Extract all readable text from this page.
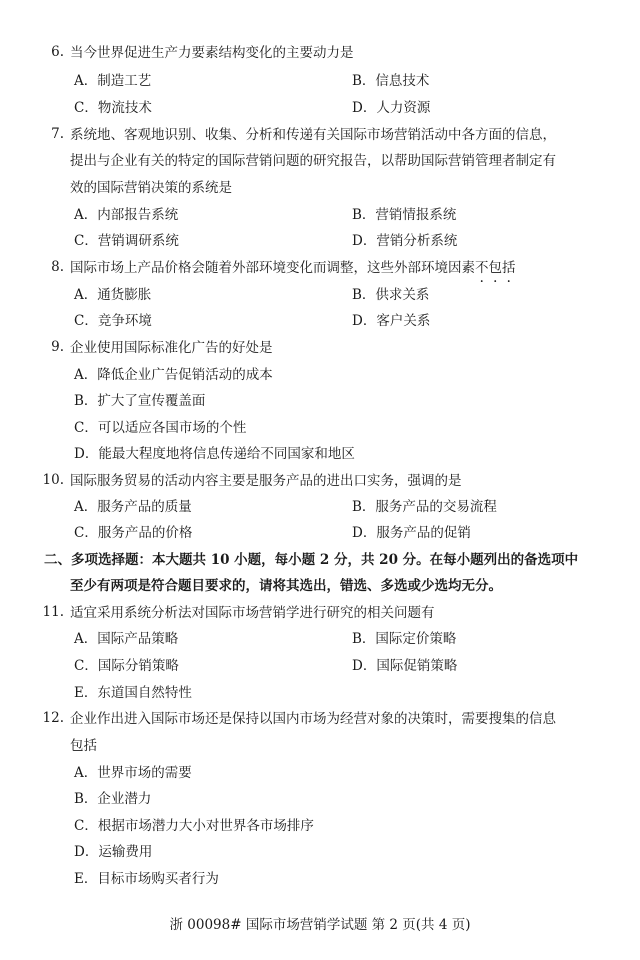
6. 当今世界促进生产力要素结构变化的主要动力是
A．制造工艺	B．信息技术
C．物流技术	D．人力资源
7. 系统地、客观地识别、收集、分析和传递有关国际市场营销活动中各方面的信息，
提出与企业有关的特定的国际营销问题的研究报告，以帮助国际营销管理者制定有
效的国际营销决策的系统是
A．内部报告系统	B．营销情报系统
C．营销调研系统	D．营销分析系统
8. 国际市场上产品价格会随着外部环境变化而调整，这些外部环境因素不包括
A．通货膨胀	B．供求关系
C．竞争环境	D．客户关系
9. 企业使用国际标准化广告的好处是
A．降低企业广告促销活动的成本
B．扩大了宣传覆盖面
C．可以适应各国市场的个性
D．能最大程度地将信息传递给不同国家和地区
10. 国际服务贸易的活动内容主要是服务产品的进出口实务，强调的是
A．服务产品的质量	B．服务产品的交易流程
C．服务产品的价格	D．服务产品的促销
二、多项选择题：本大题共 10 小题，每小题 2 分，共 20 分。在每小题列出的备选项中
至少有两项是符合题目要求的，请将其选出，错选、多选或少选均无分。
11. 适宜采用系统分析法对国际市场营销学进行研究的相关问题有
A．国际产品策略	B．国际定价策略
C．国际分销策略	D．国际促销策略
E．东道国自然特性
12. 企业作出进入国际市场还是保持以国内市场为经营对象的决策时，需要搜集的信息
包括
A．世界市场的需要
B．企业潜力
C．根据市场潜力大小对世界各市场排序
D．运输费用
E．目标市场购买者行为
浙 00098# 国际市场营销学试题 第 2 页(共 4 页)
